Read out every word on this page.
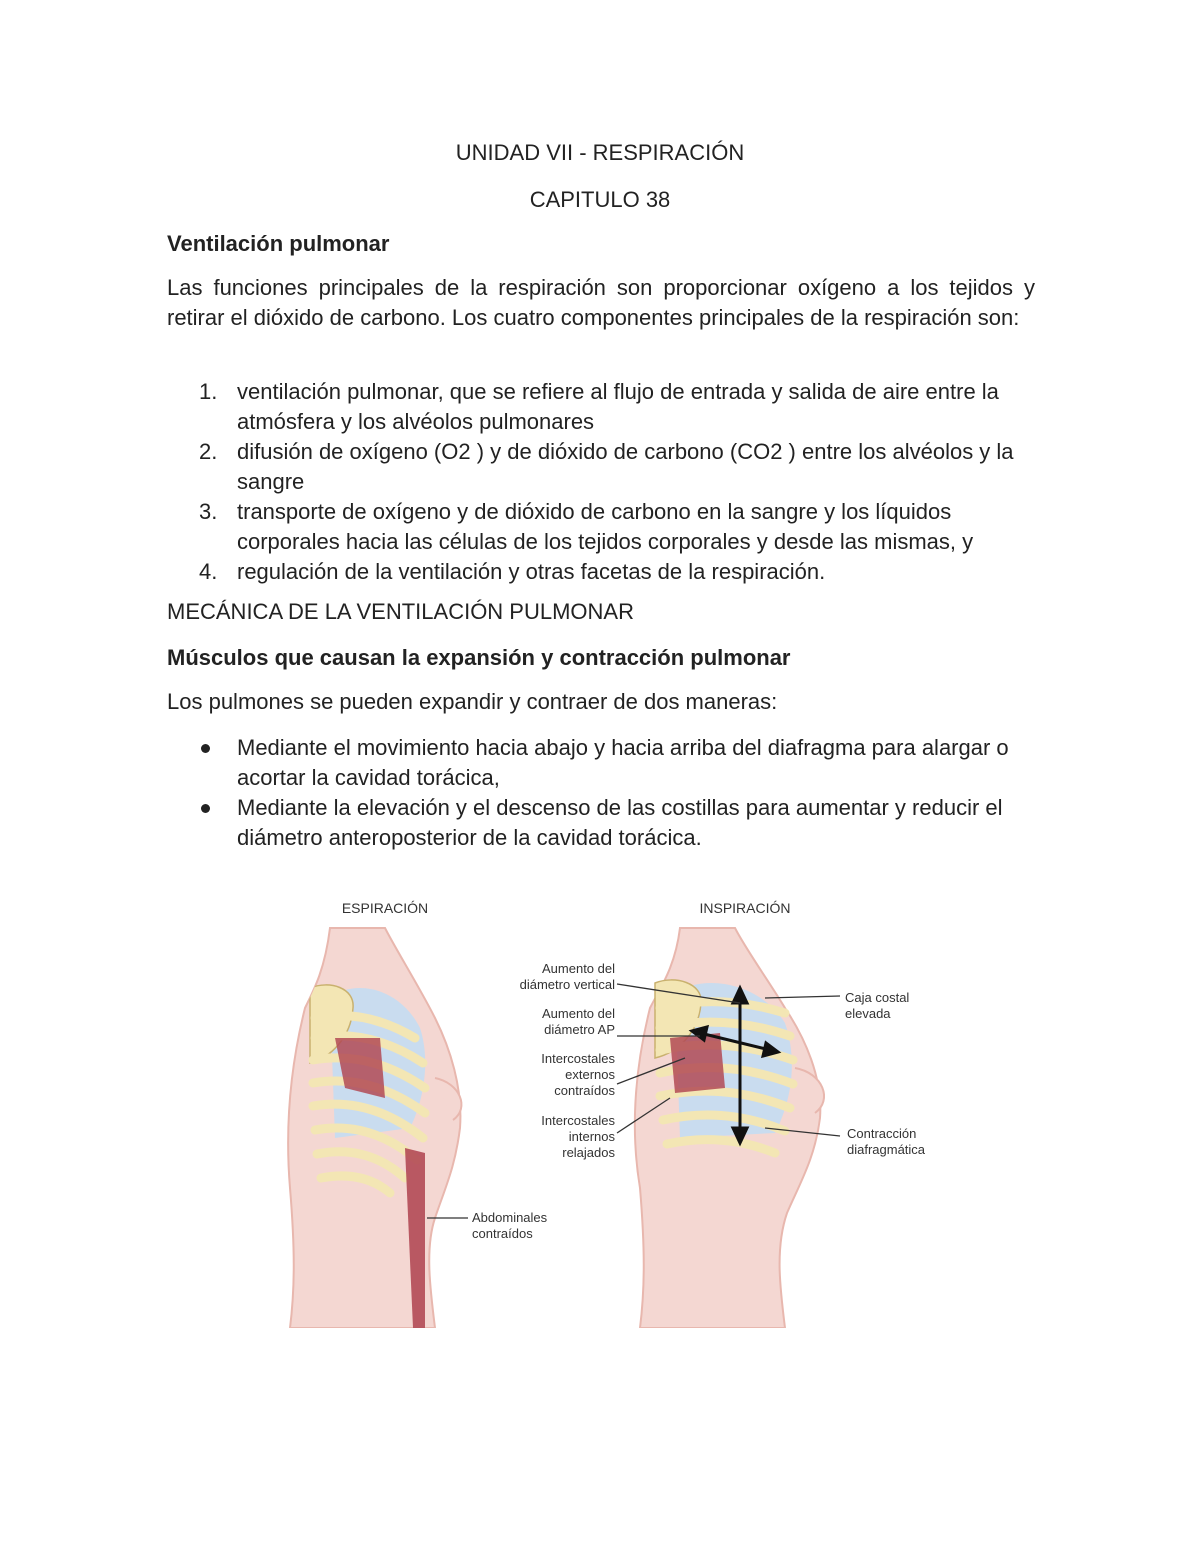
UNIDAD VII - RESPIRACIÓN
CAPITULO 38
Ventilación pulmonar
Las funciones principales de la respiración son proporcionar oxígeno a los tejidos y retirar el dióxido de carbono. Los cuatro componentes principales de la respiración son:
1. ventilación pulmonar, que se refiere al flujo de entrada y salida de aire entre la atmósfera y los alvéolos pulmonares
2. difusión de oxígeno (O2 ) y de dióxido de carbono (CO2 ) entre los alvéolos y la sangre
3. transporte de oxígeno y de dióxido de carbono en la sangre y los líquidos corporales hacia las células de los tejidos corporales y desde las mismas, y
4. regulación de la ventilación y otras facetas de la respiración.
MECÁNICA DE LA VENTILACIÓN PULMONAR
Músculos que causan la expansión y contracción pulmonar
Los pulmones se pueden expandir y contraer de dos maneras:
Mediante el movimiento hacia abajo y hacia arriba del diafragma para alargar o acortar la cavidad torácica,
Mediante la elevación y el descenso de las costillas para aumentar y reducir el diámetro anteroposterior de la cavidad torácica.
ESPIRACIÓN	INSPIRACIÓN
Aumento del
diámetro vertical
Aumento del
diámetro AP
Intercostales
externos
contraídos
Intercostales
internos
relajados
Abdominales
contraídos
Caja costal
elevada
Contracción
diafragmática
